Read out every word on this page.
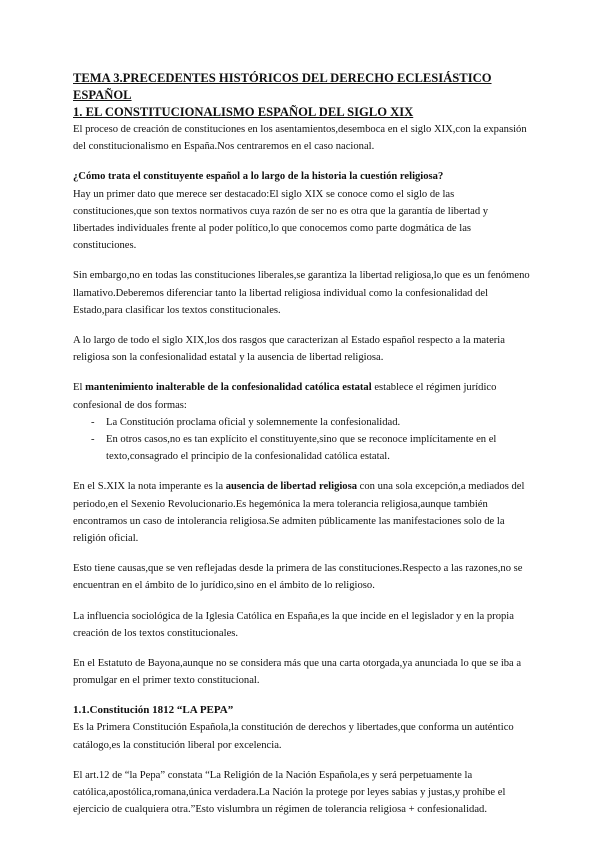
TEMA 3.PRECEDENTES HISTÓRICOS DEL DERECHO ECLESIÁSTICO ESPAÑOL

1. EL CONSTITUCIONALISMO ESPAÑOL DEL SIGLO XIX

El proceso de creación de constituciones en los asentamientos,desemboca en el siglo XIX,con la expansión del constitucionalismo en España.Nos centraremos en el caso nacional.

¿Cómo trata el constituyente español a lo largo de la historia la cuestión religiosa?

Hay un primer dato que merece ser destacado:El siglo XIX se conoce como el siglo de las constituciones,que son textos normativos cuya razón de ser no es otra que la garantía de libertad y libertades individuales frente al poder político,lo que conocemos como parte dogmática de las constituciones.

Sin embargo,no en todas las constituciones liberales,se garantiza la libertad religiosa,lo que es un fenómeno llamativo.Deberemos diferenciar tanto la libertad religiosa individual como la confesionalidad del Estado,para clasificar los textos constitucionales.

A lo largo de todo el siglo XIX,los dos rasgos que caracterizan al Estado español respecto a la materia religiosa son la confesionalidad estatal y la ausencia de libertad religiosa.

El mantenimiento inalterable de la confesionalidad católica estatal establece el régimen jurídico confesional de dos formas:

- La Constitución proclama oficial y solemnemente la confesionalidad.
- En otros casos,no es tan explícito el constituyente,sino que se reconoce implícitamente en el texto,consagrado el principio de la confesionalidad católica estatal.

En el S.XIX la nota imperante es la ausencia de libertad religiosa con una sola excepción,a mediados del periodo,en el Sexenio Revolucionario.Es hegemónica la mera tolerancia religiosa,aunque también encontramos un caso de intolerancia religiosa.Se admiten públicamente las manifestaciones solo de la religión oficial.

Esto tiene causas,que se ven reflejadas desde la primera de las constituciones.Respecto a las razones,no se encuentran en el ámbito de lo jurídico,sino en el ámbito de lo religioso.

La influencia sociológica de la Iglesia Católica en España,es la que incide en el legislador y en la propia creación de los textos constitucionales.

En el Estatuto de Bayona,aunque no se considera más que una carta otorgada,ya anunciada lo que se iba a promulgar en el primer texto constitucional.

1.1.Constitución 1812 “LA PEPA”

Es la Primera Constitución Española,la constitución de derechos y libertades,que conforma un auténtico catálogo,es la constitución liberal por excelencia.

El art.12 de “la Pepa” constata “La Religión de la Nación Española,es y será perpetuamente la católica,apostólica,romana,única verdadera.La Nación la protege por leyes sabias y justas,y prohíbe el ejercicio de cualquiera otra.”Esto vislumbra un régimen de tolerancia religiosa + confesionalidad.
